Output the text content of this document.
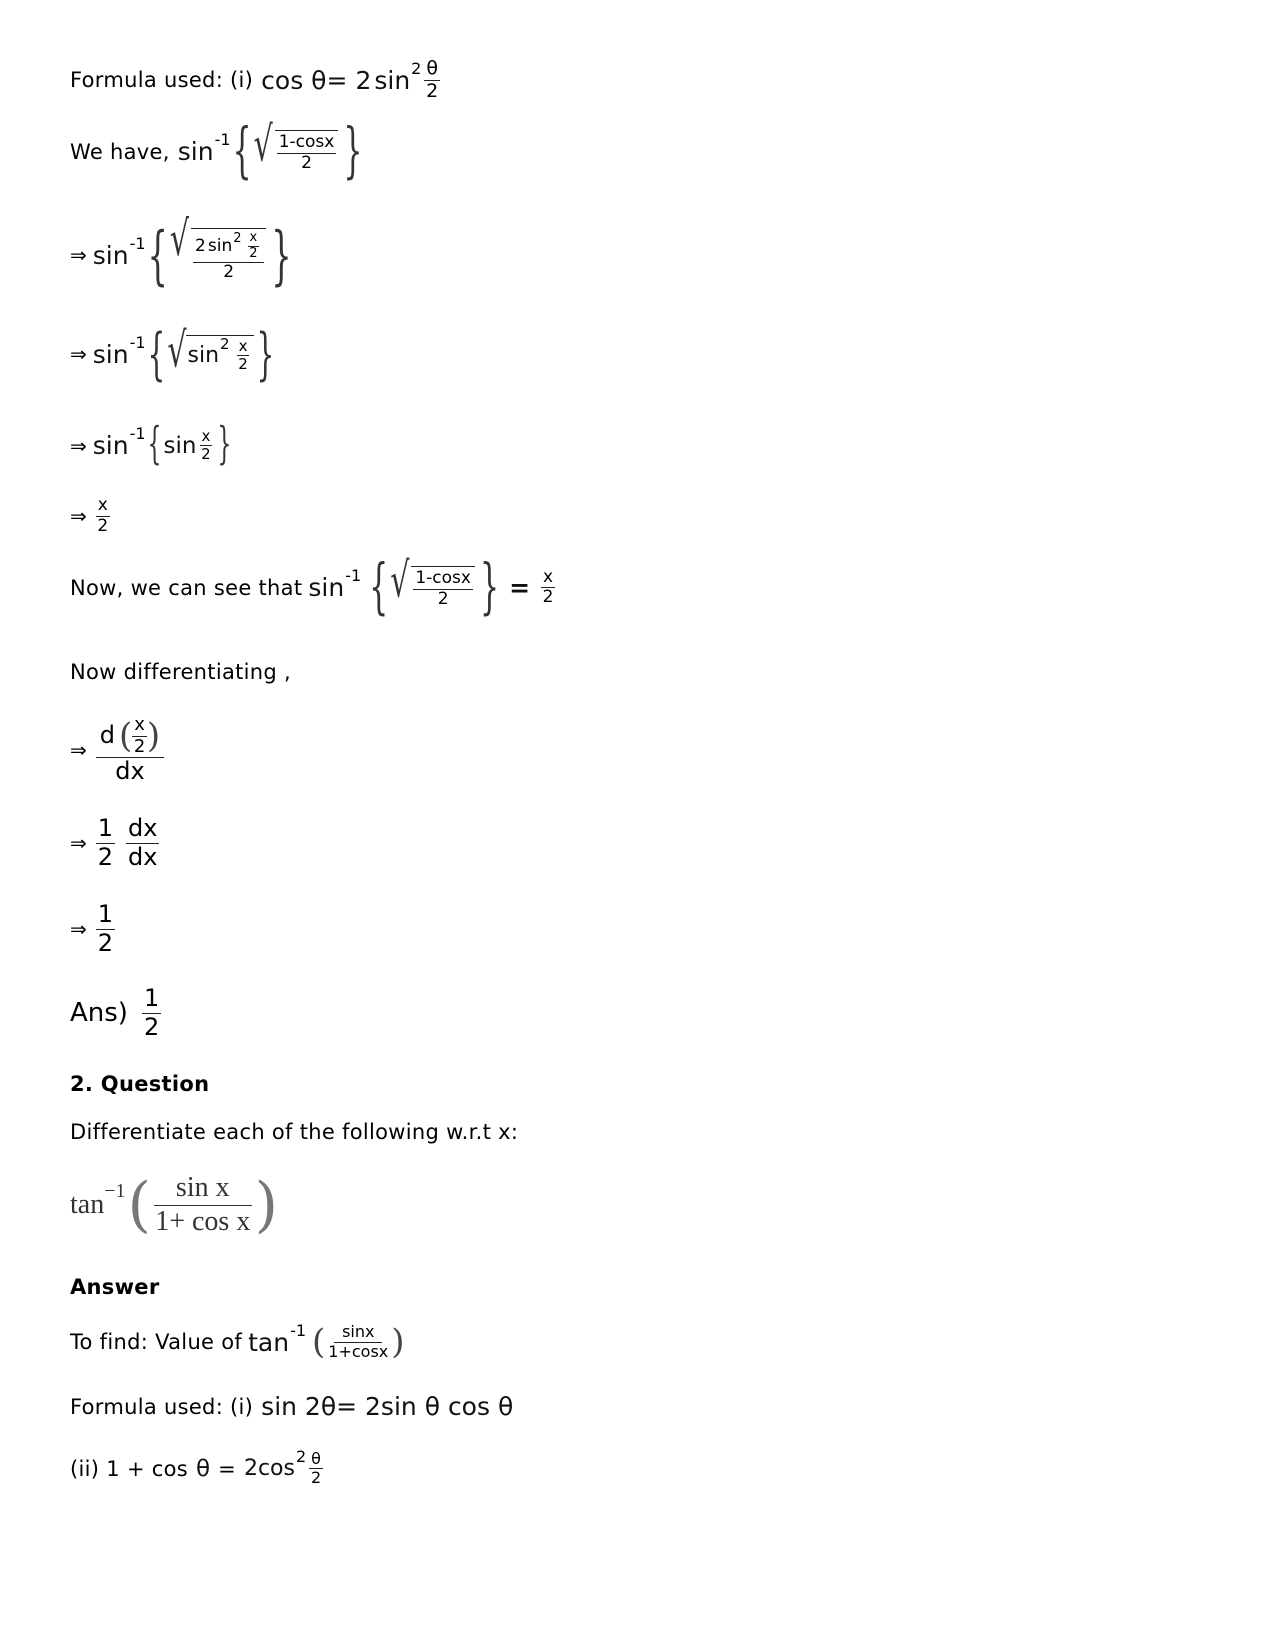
Formula used: (i) cos θ= 2 $\sin 2 \frac{\theta}{2}$
We have, sin -1 { √ $\frac{1-\cos x}{2}$ }
⇒ sin -1 { √ $\frac{2 \sin 2 \frac{x}{2}}{2}$ }
⇒ sin -1 { √ $\sin 2 \frac{x}{2}$ }
⇒ sin -1 { $\sin \frac{x}{2}$ }
⇒ $\frac{x}{2}$
Now, we can see that sin -1 { √ $\frac{1-\cos x}{2}$ } = $\frac{x}{2}$
Now differentiating ,
⇒ $\frac{d ( \frac{x}{2} )}{dx}$
⇒ $\frac{1}{2} \frac{dx}{dx}$
⇒ $\frac{1}{2}$
$Ans) \frac{1}{2}$
2. Question
Differentiate each of the following w.r.t x:
tan −1 ( $\frac{\text{sin x}}{\text{1+ cos x}}$ )
Answer
To find: Value of tan -1 ( $\frac{\sin x}{1+\cos x}$ )
Formula used: (i) sin 2θ= 2sin θ cos θ
(ii) 1 + cos θ = 2cos $2 \frac{\theta}{2}$
